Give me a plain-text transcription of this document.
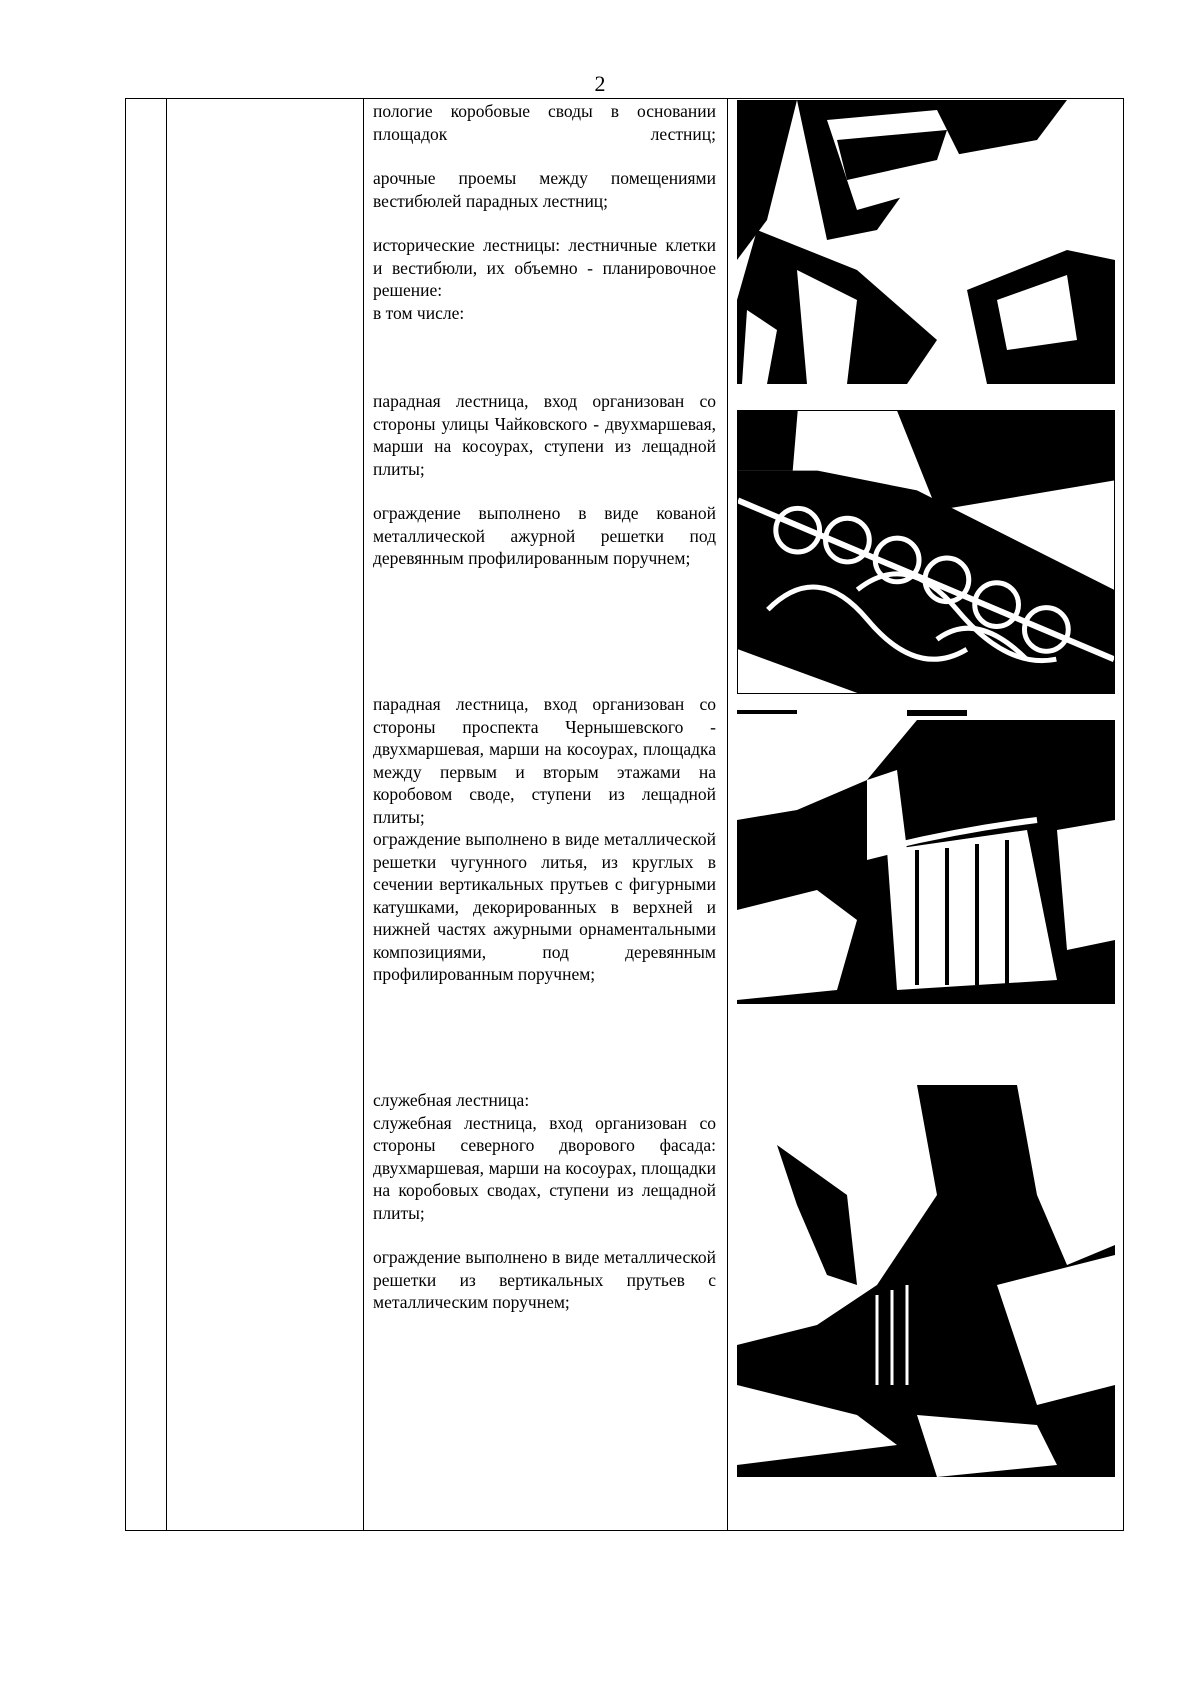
2

пологие коробовые своды в основании площадок лестниц;

арочные проемы между помещениями вестибюлей парадных лестниц;

исторические лестницы: лестничные клетки и вестибюли, их объемно - планировочное решение:

в том числе:

парадная лестница, вход организован со стороны улицы Чайковского - двухмаршевая, марши на косоурах, ступени из лещадной плиты;

ограждение выполнено в виде кованой металлической ажурной решетки под деревянным профилированным поручнем;

парадная лестница, вход организован со стороны проспекта Чернышевского - двухмаршевая, марши на косоурах, площадка между первым и вторым этажами на коробовом своде, ступени из лещадной плиты;

ограждение выполнено в виде металлической решетки чугунного литья, из круглых в сечении вертикальных прутьев с фигурными катушками, декорированных в верхней и нижней частях ажурными орнаментальными композициями, под деревянным профилированным поручнем;

служебная лестница:

служебная лестница, вход организован со стороны северного дворового фасада: двухмаршевая, марши на косоурах, площадки на коробовых сводах, ступени из лещадной плиты;

ограждение выполнено в виде металлической решетки из вертикальных прутьев с металлическим поручнем;
